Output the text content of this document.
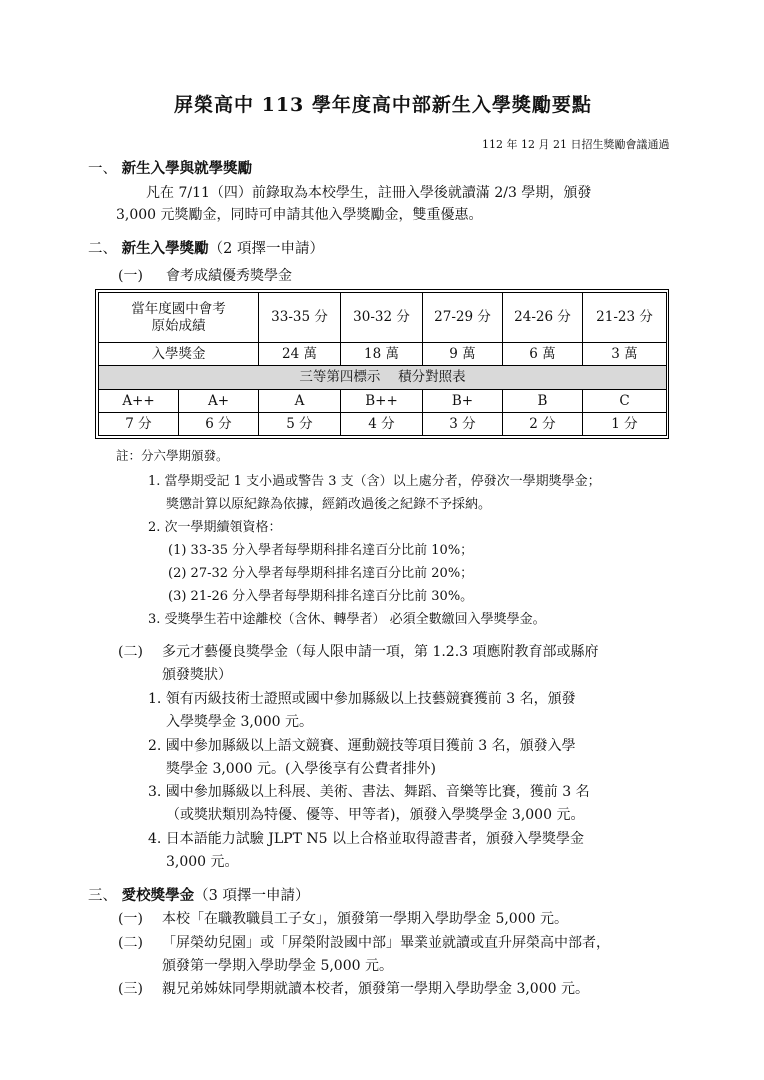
屏榮高中 113 學年度高中部新生入學獎勵要點
112 年 12 月 21 日招生獎勵會議通過
一、 新生入學與就學獎勵
凡在 7/11（四）前錄取為本校學生，註冊入學後就讀滿 2/3 學期，頒發
3,000 元獎勵金，同時可申請其他入學獎勵金，雙重優惠。
二、 新生入學獎勵（2 項擇一申請）
(一) 會考成績優秀獎學金
當年度國中會考
原始成績		33-35 分	30-32 分	27-29 分	24-26 分	21-23 分
入學獎金		24 萬	18 萬	9 萬	6 萬	3 萬
三等第四標示　 積分對照表						
A++	A+	A	B++	B+	B	C
7 分	6 分	5 分	4 分	3 分	2 分	1 分
註：分六學期頒發。
1. 當學期受記 1 支小過或警告 3 支（含）以上處分者，停發次一學期獎學金；
獎懲計算以原紀錄為依據，經銷改過後之紀錄不予採納。
2. 次一學期續領資格：
(1) 33-35 分入學者每學期科排名達百分比前 10%；
(2) 27-32 分入學者每學期科排名達百分比前 20%；
(3) 21-26 分入學者每學期科排名達百分比前 30%。
3. 受獎學生若中途離校（含休、轉學者） 必須全數繳回入學獎學金。
(二) 多元才藝優良獎學金（每人限申請一項，第 1.2.3 項應附教育部或縣府
頒發獎狀）
1. 領有丙級技術士證照或國中參加縣級以上技藝競賽獲前 3 名，頒發
入學獎學金 3,000 元。
2. 國中參加縣級以上語文競賽、運動競技等項目獲前 3 名，頒發入學
獎學金 3,000 元。(入學後享有公費者排外)
3. 國中參加縣級以上科展、美術、書法、舞蹈、音樂等比賽，獲前 3 名
（或獎狀類別為特優、優等、甲等者)，頒發入學獎學金 3,000 元。
4. 日本語能力試驗 JLPT N5 以上合格並取得證書者，頒發入學獎學金
3,000 元。
三、 愛校獎學金（3 項擇一申請）
(一) 本校「在職教職員工子女」，頒發第一學期入學助學金 5,000 元。
(二) 「屏榮幼兒園」或「屏榮附設國中部」畢業並就讀或直升屏榮高中部者，
頒發第一學期入學助學金 5,000 元。
(三) 親兄弟姊妹同學期就讀本校者，頒發第一學期入學助學金 3,000 元。
